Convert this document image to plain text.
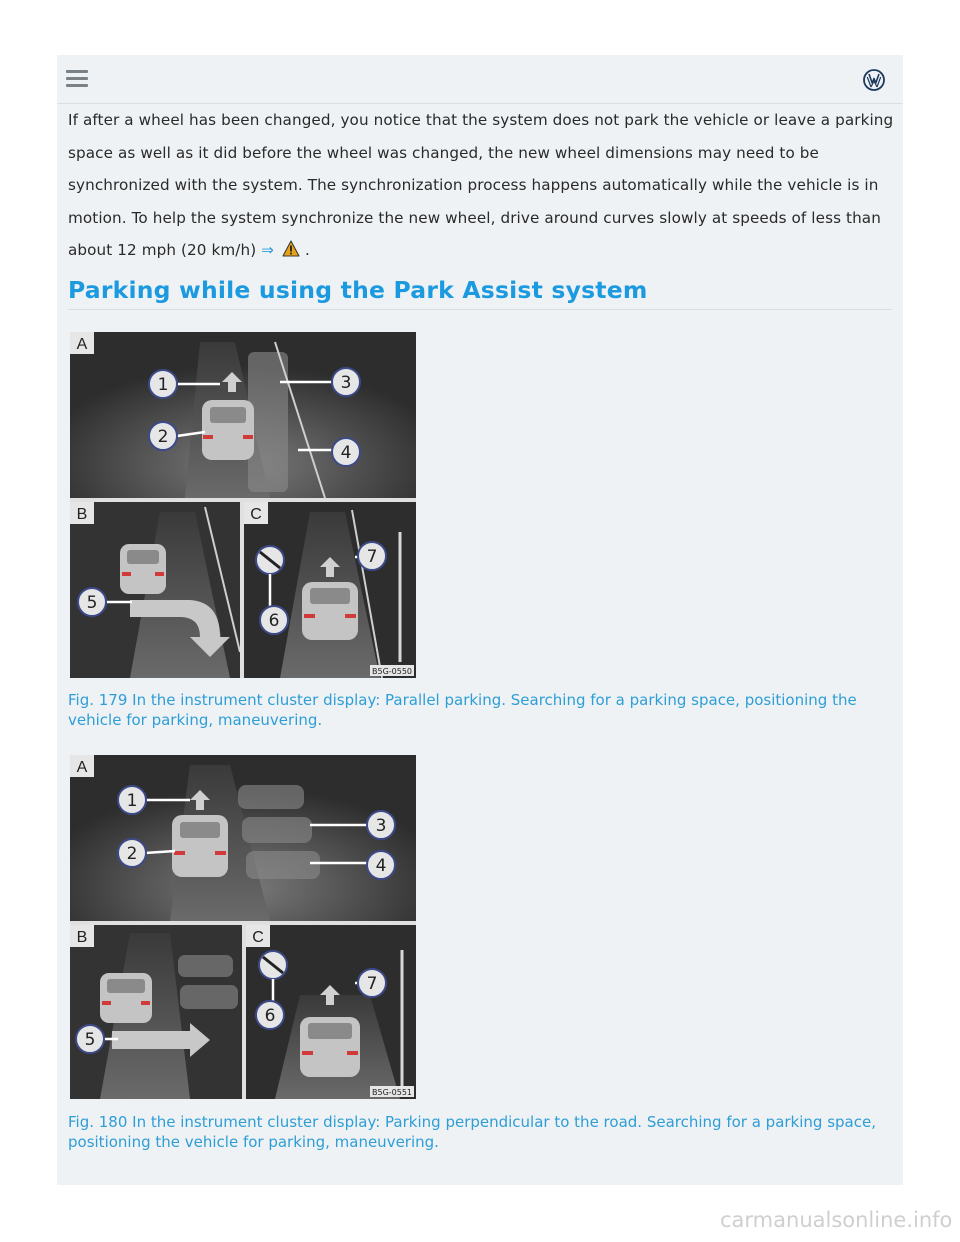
If after a wheel has been changed, you notice that the system does not park the vehicle or leave a parking space as well as it did before the wheel was changed, the new wheel dimensions may need to be synchronized with the system. The synchronization process happens automatically while the vehicle is in motion. To help the system synchronize the new wheel, drive around curves slowly at speeds of less than about 12 mph (20 km/h) ⇒ .

Parking while using the Park Assist system
A
1
2
3
4
B
5
C
6
7
B5G-0550

Fig. 179 In the instrument cluster display: Parallel parking. Searching for a parking space, positioning the vehicle for parking, maneuvering.

A
1
2
3
4
B
5
C
6
7
B5G-0551

Fig. 180 In the instrument cluster display: Parking perpendicular to the road. Searching for a parking space, positioning the vehicle for parking, maneuvering.

carmanualsonline.info
